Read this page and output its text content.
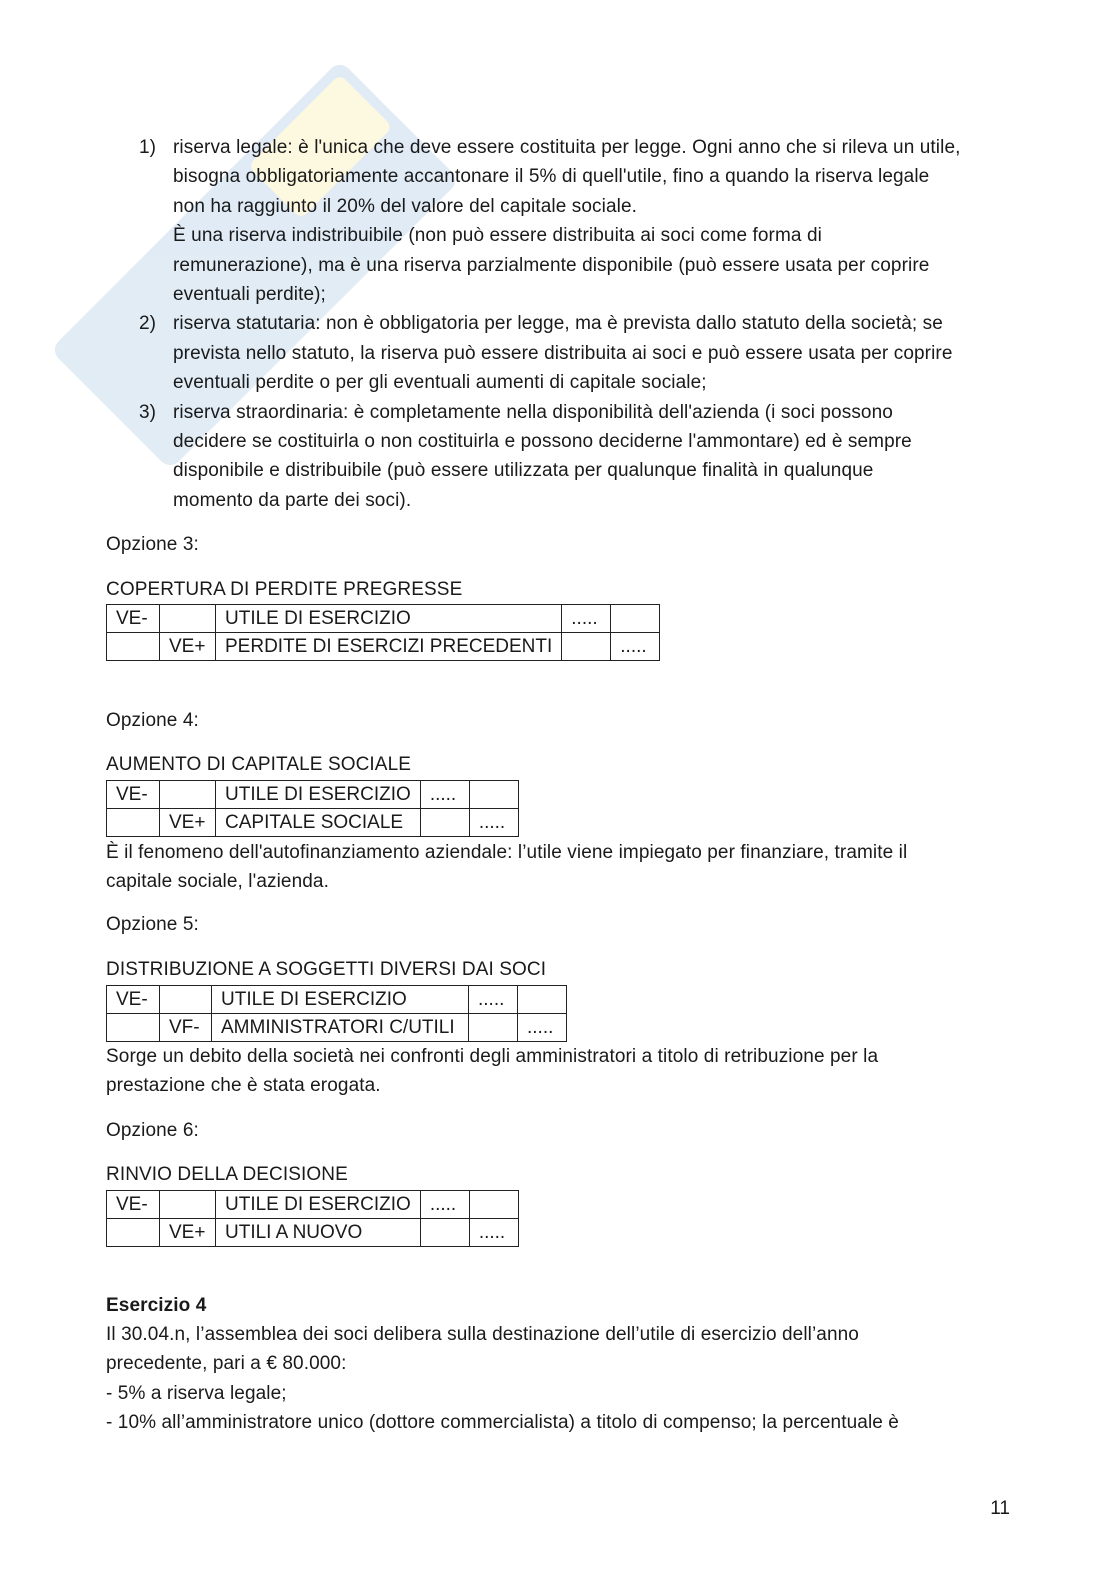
1) riserva legale: è l'unica che deve essere costituita per legge. Ogni anno che si rileva un utile,
bisogna obbligatoriamente accantonare il 5% di quell'utile, fino a quando la riserva legale
non ha raggiunto il 20% del valore del capitale sociale.
È una riserva indistribuibile (non può essere distribuita ai soci come forma di
remunerazione), ma è una riserva parzialmente disponibile (può essere usata per coprire
eventuali perdite);
2) riserva statutaria: non è obbligatoria per legge, ma è prevista dallo statuto della società; se
prevista nello statuto, la riserva può essere distribuita ai soci e può essere usata per coprire
eventuali perdite o per gli eventuali aumenti di capitale sociale;
3) riserva straordinaria: è completamente nella disponibilità dell'azienda (i soci possono
decidere se costituirla o non costituirla e possono deciderne l'ammontare) ed è sempre
disponibile e distribuibile (può essere utilizzata per qualunque finalità in qualunque
momento da parte dei soci).
Opzione 3:
COPERTURA DI PERDITE PREGRESSE
VE-		UTILE DI ESERCIZIO	.....	
	VE+	PERDITE DI ESERCIZI PRECEDENTI		.....
Opzione 4:
AUMENTO DI CAPITALE SOCIALE
VE-		UTILE DI ESERCIZIO	.....	
	VE+	CAPITALE SOCIALE		.....
È il fenomeno dell'autofinanziamento aziendale: l’utile viene impiegato per finanziare, tramite il
capitale sociale, l'azienda.
Opzione 5:
DISTRIBUZIONE A SOGGETTI DIVERSI DAI SOCI
VE-		UTILE DI ESERCIZIO	.....	
	VF-	AMMINISTRATORI C/UTILI		.....
Sorge un debito della società nei confronti degli amministratori a titolo di retribuzione per la
prestazione che è stata erogata.
Opzione 6:
RINVIO DELLA DECISIONE
VE-		UTILE DI ESERCIZIO	.....	
	VE+	UTILI A NUOVO		.....
Esercizio 4
Il 30.04.n, l’assemblea dei soci delibera sulla destinazione dell’utile di esercizio dell’anno
precedente, pari a € 80.000:
- 5% a riserva legale;
- 10% all’amministratore unico (dottore commercialista) a titolo di compenso; la percentuale è
11
